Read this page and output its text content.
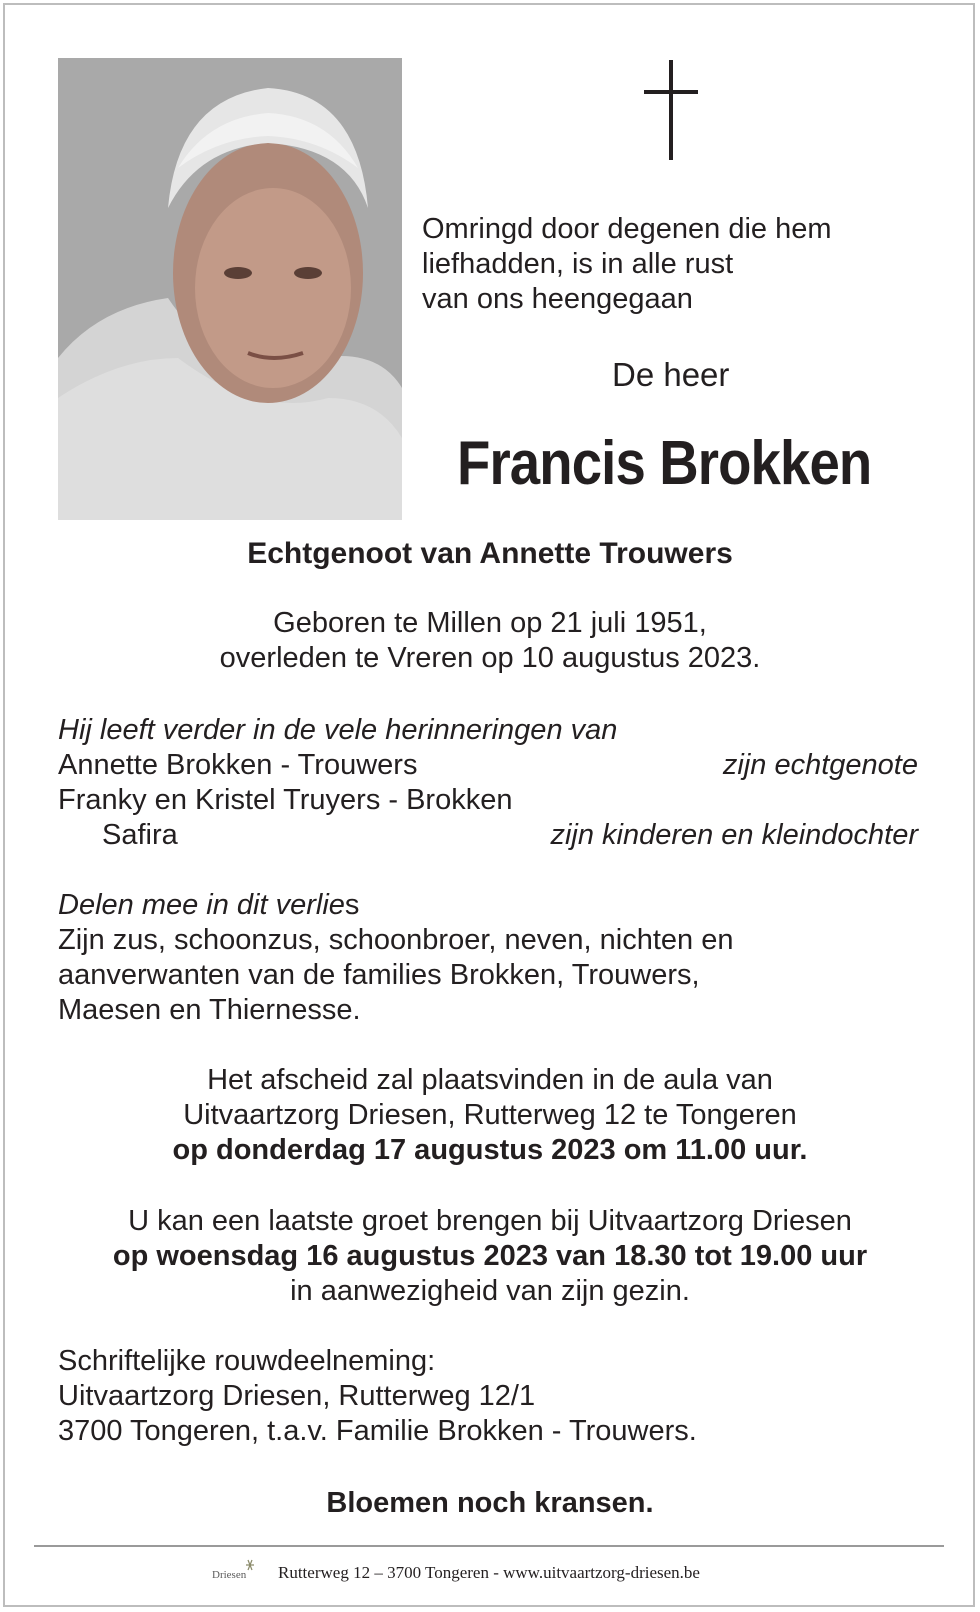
Omringd door degenen die hem
liefhadden, is in alle rust
van ons heengegaan
De heer
Francis Brokken
Echtgenoot van Annette Trouwers
Geboren te Millen op 21 juli 1951,
overleden te Vreren op 10 augustus 2023.
Hij leeft verder in de vele herinneringen van
Annette Brokken - Trouwers	zijn echtgenote
Franky en Kristel Truyers - Brokken
Safira	zijn kinderen en kleindochter
Delen mee in dit verlies
Zijn zus, schoonzus, schoonbroer, neven, nichten en
aanverwanten van de families Brokken, Trouwers,
Maesen en Thiernesse.
Het afscheid zal plaatsvinden in de aula van
Uitvaartzorg Driesen, Rutterweg 12 te Tongeren
op donderdag 17 augustus 2023 om 11.00 uur.
U kan een laatste groet brengen bij Uitvaartzorg Driesen
op woensdag 16 augustus 2023 van 18.30 tot 19.00 uur
in aanwezigheid van zijn gezin.
Schriftelijke rouwdeelneming:
Uitvaartzorg Driesen, Rutterweg 12/1
3700 Tongeren, t.a.v. Familie Brokken - Trouwers.
Bloemen noch kransen.
Driesen Rutterweg 12 – 3700 Tongeren - www.uitvaartzorg-driesen.be
